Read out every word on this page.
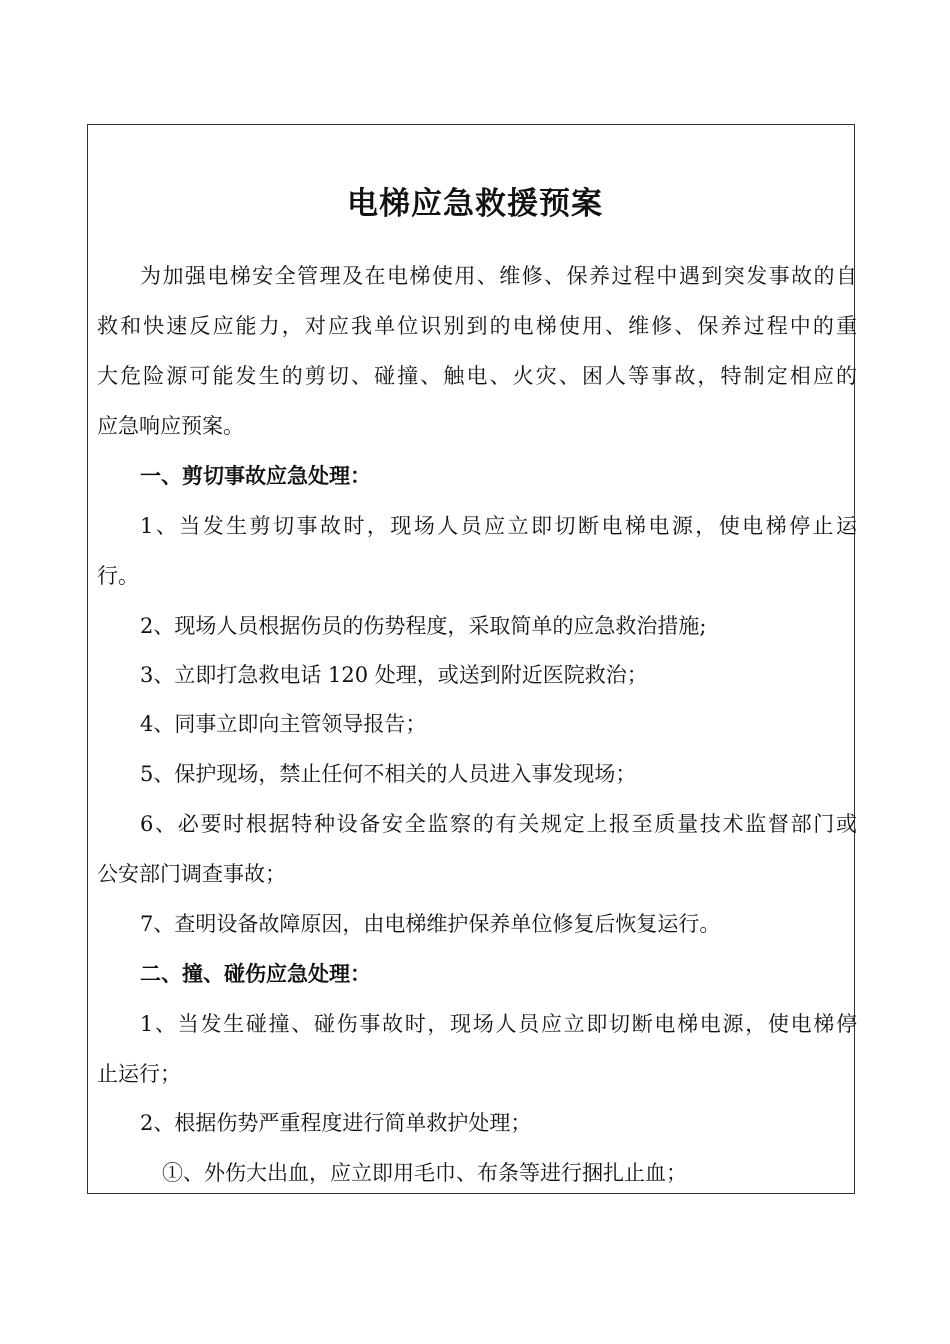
电梯应急救援预案
为加强电梯安全管理及在电梯使用、维修、保养过程中遇到突发事故的自
救和快速反应能力，对应我单位识别到的电梯使用、维修、保养过程中的重
大危险源可能发生的剪切、碰撞、触电、火灾、困人等事故，特制定相应的
应急响应预案。
一、剪切事故应急处理：
1、当发生剪切事故时，现场人员应立即切断电梯电源，使电梯停止运
行。
2、现场人员根据伤员的伤势程度，采取简单的应急救治措施;
3、立即打急救电话 120 处理，或送到附近医院救治；
4、同事立即向主管领导报告；
5、保护现场，禁止任何不相关的人员进入事发现场；
6、必要时根据特种设备安全监察的有关规定上报至质量技术监督部门或
公安部门调查事故；
7、查明设备故障原因，由电梯维护保养单位修复后恢复运行。
二、撞、碰伤应急处理：
1、当发生碰撞、碰伤事故时，现场人员应立即切断电梯电源，使电梯停
止运行；
2、根据伤势严重程度进行简单救护处理；
①、外伤大出血，应立即用毛巾、布条等进行捆扎止血；
